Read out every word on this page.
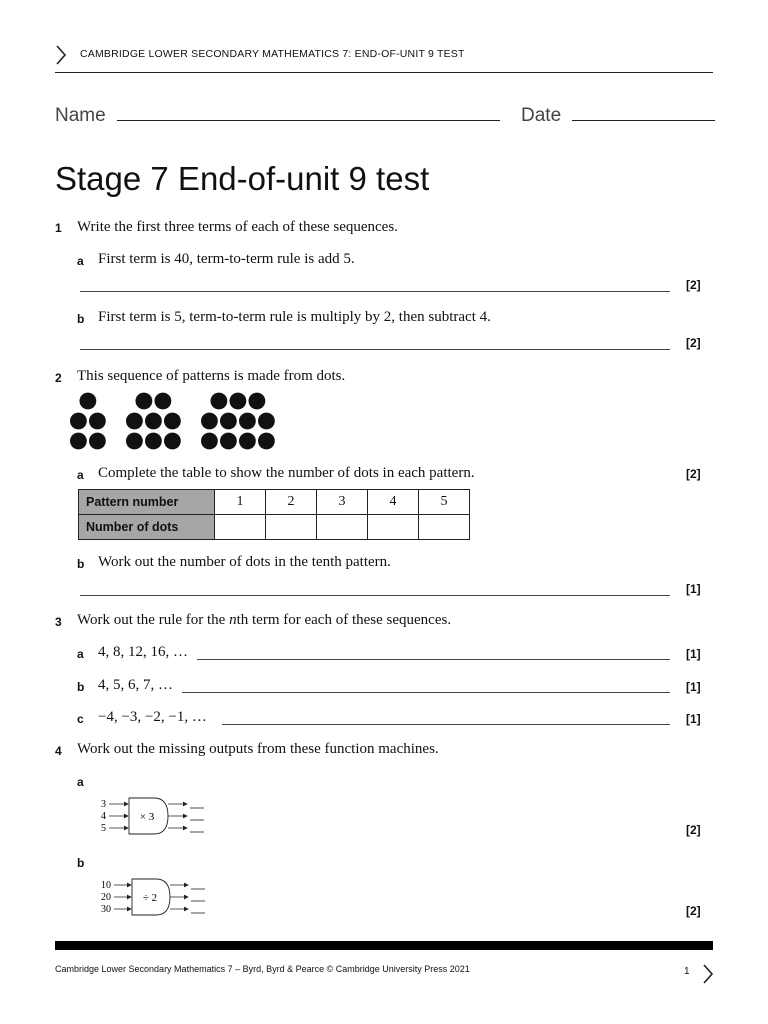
CAMBRIDGE LOWER SECONDARY MATHEMATICS 7: END-OF-UNIT 9 TEST
Name	Date
Stage 7 End-of-unit 9 test
1 Write the first three terms of each of these sequences.
a First term is 40, term-to-term rule is add 5.
[2]
b First term is 5, term-to-term rule is multiply by 2, then subtract 4.
[2]
2 This sequence of patterns is made from dots.
a Complete the table to show the number of dots in each pattern.	[2]
Pattern number	1	2	3	4	5
Number of dots					
b Work out the number of dots in the tenth pattern.
[1]
3 Work out the rule for the nth term for each of these sequences.
a 4, 8, 12, 16, …	[1]
b 4, 5, 6, 7, …	[1]
c −4, −3, −2, −1, …	[1]
4 Work out the missing outputs from these function machines.
a
3
4
5
× 3
[2]
b
10
20
30
÷ 2
[2]
Cambridge Lower Secondary Mathematics 7 – Byrd, Byrd & Pearce © Cambridge University Press 2021	1
